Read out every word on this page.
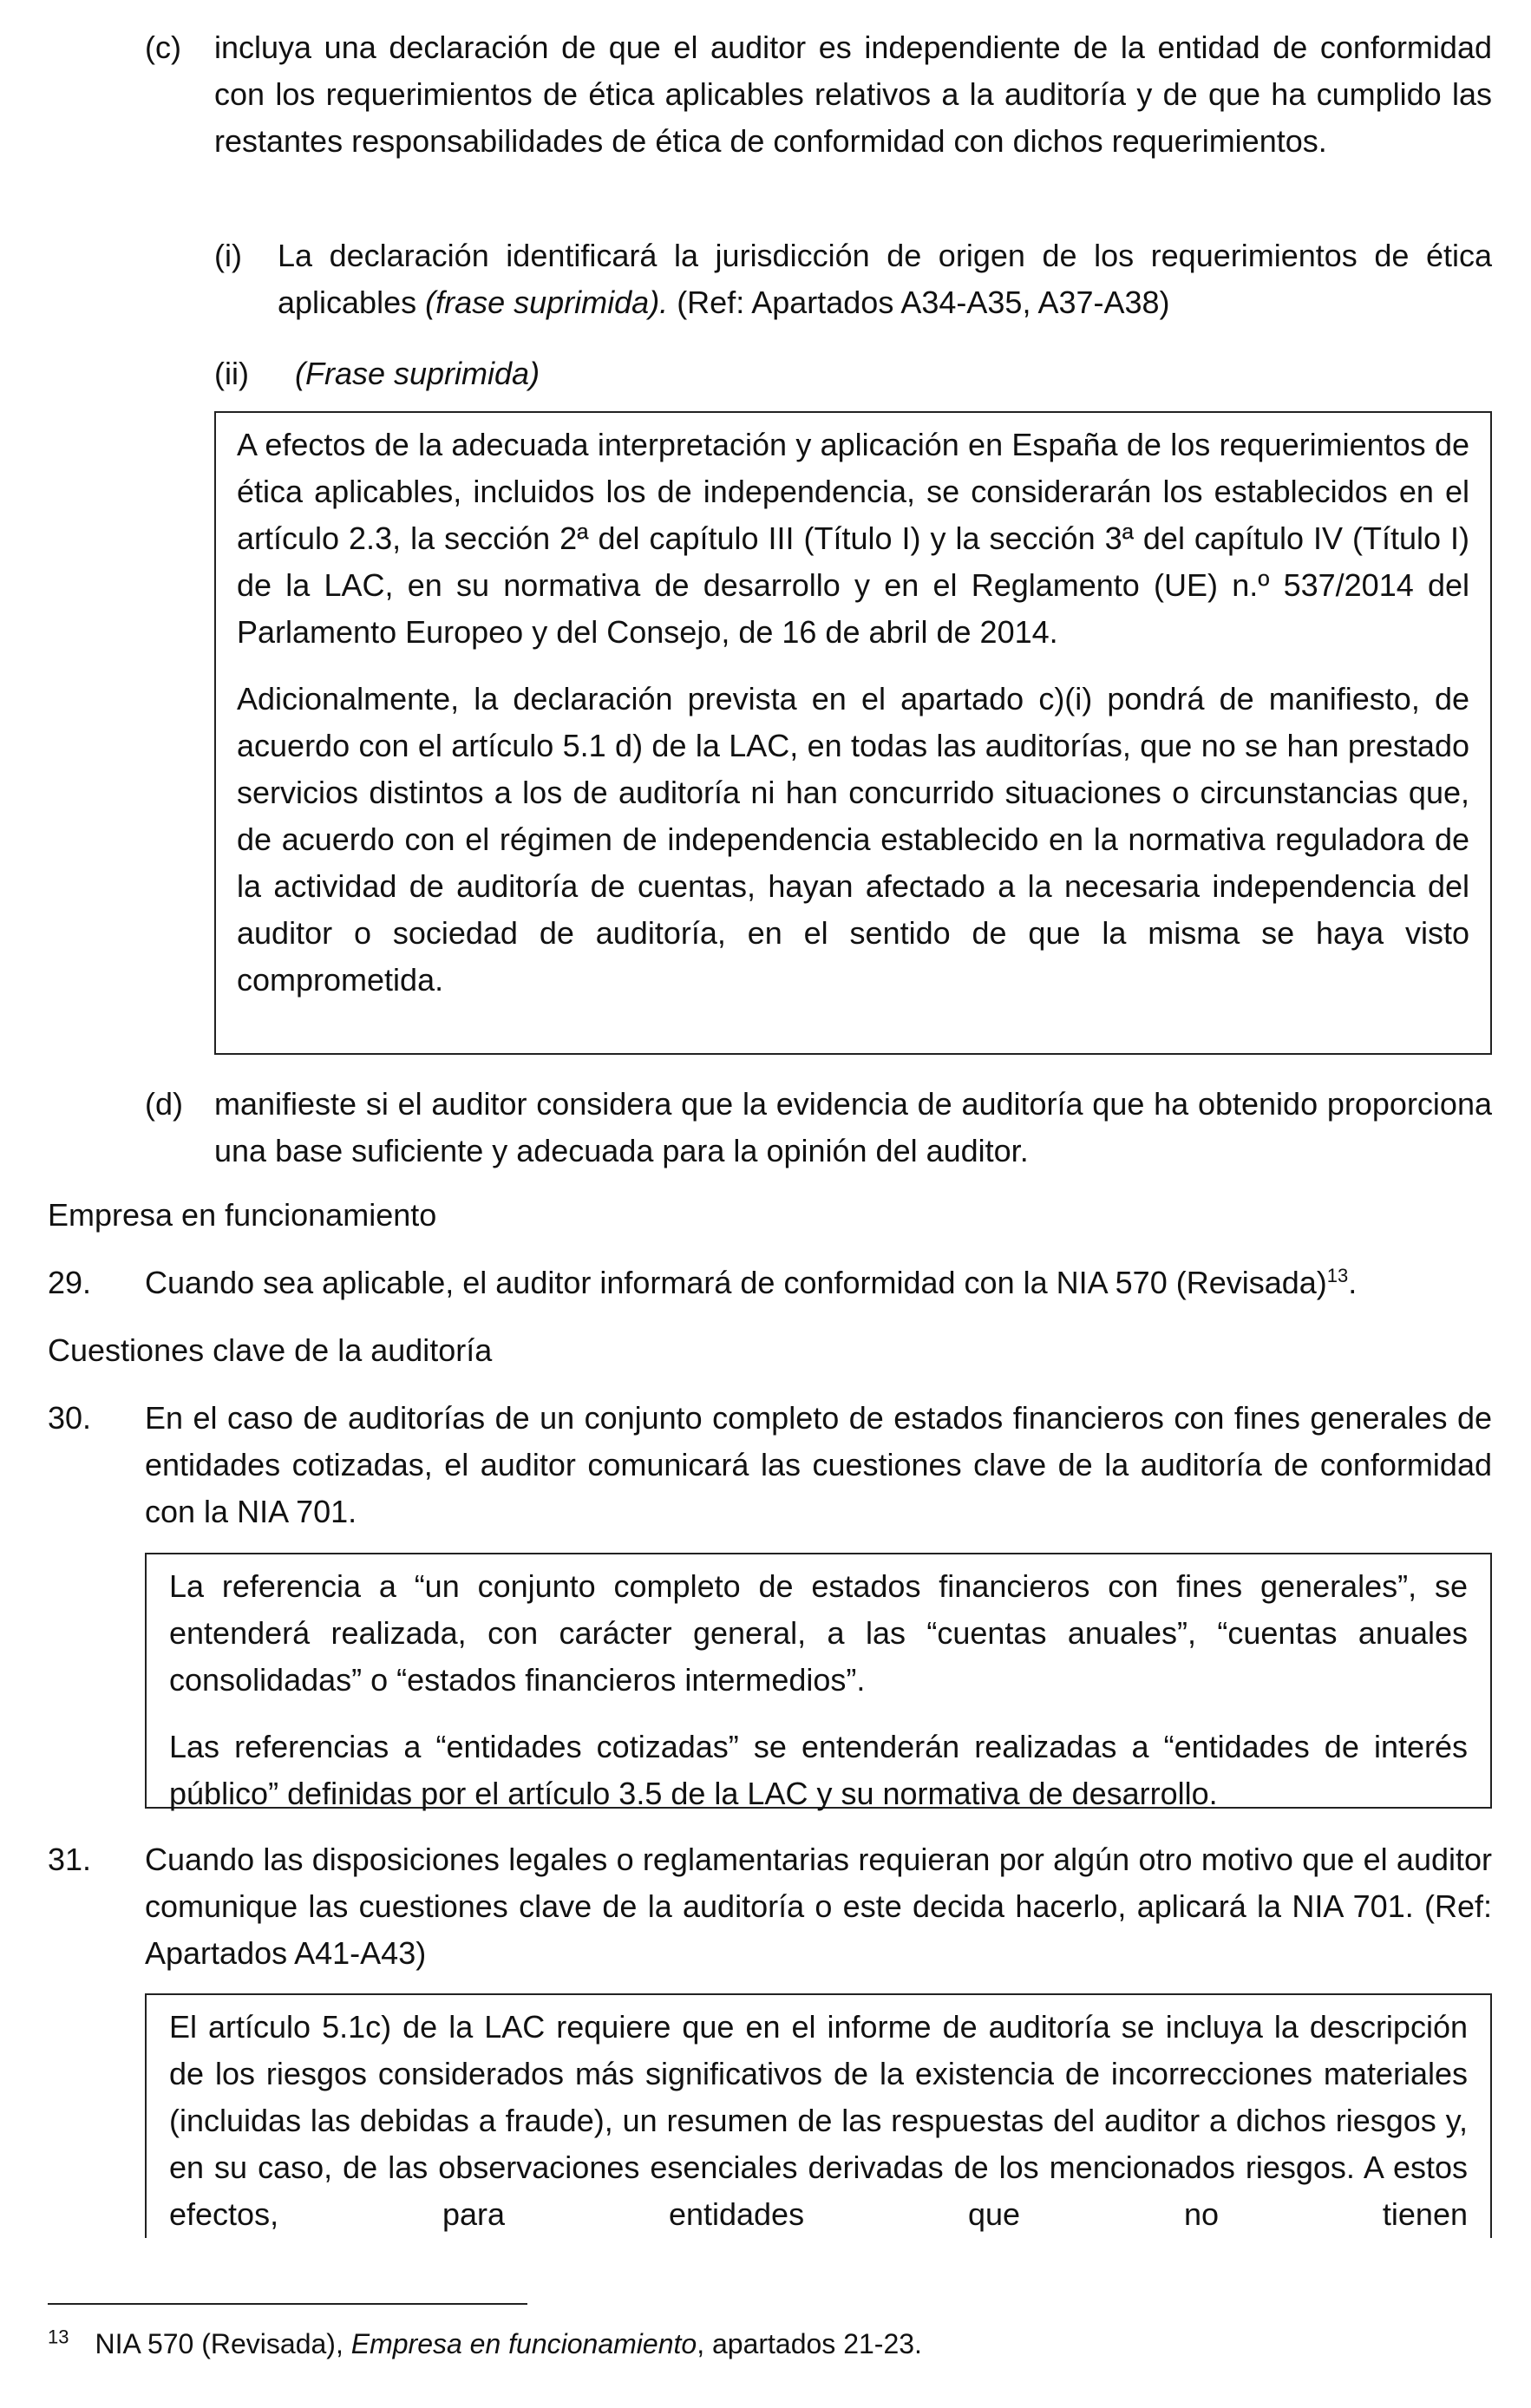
(c)	incluya una declaración de que el auditor es independiente de la entidad de conformidad con los requerimientos de ética aplicables relativos a la auditoría y de que ha cumplido las restantes responsabilidades de ética de conformidad con dichos requerimientos.

(i)	La declaración identificará la jurisdicción de origen de los requerimientos de ética aplicables (frase suprimida). (Ref: Apartados A34-A35, A37-A38)

(ii)	(Frase suprimida)

A efectos de la adecuada interpretación y aplicación en España de los requerimientos de ética aplicables, incluidos los de independencia, se considerarán los establecidos en el artículo 2.3, la sección 2ª del capítulo III (Título I) y la sección 3ª del capítulo IV (Título I) de la LAC, en su normativa de desarrollo y en el Reglamento (UE) n.º 537/2014 del Parlamento Europeo y del Consejo, de 16 de abril de 2014.

Adicionalmente, la declaración prevista en el apartado c)(i) pondrá de manifiesto, de acuerdo con el artículo 5.1 d) de la LAC, en todas las auditorías, que no se han prestado servicios distintos a los de auditoría ni han concurrido situaciones o circunstancias que, de acuerdo con el régimen de independencia establecido en la normativa reguladora de la actividad de auditoría de cuentas, hayan afectado a la necesaria independencia del auditor o sociedad de auditoría, en el sentido de que la misma se haya visto comprometida.

(d)	manifieste si el auditor considera que la evidencia de auditoría que ha obtenido proporciona una base suficiente y adecuada para la opinión del auditor.

Empresa en funcionamiento

29.	Cuando sea aplicable, el auditor informará de conformidad con la NIA 570 (Revisada)$^{13}$.

Cuestiones clave de la auditoría

30.	En el caso de auditorías de un conjunto completo de estados financieros con fines generales de entidades cotizadas, el auditor comunicará las cuestiones clave de la auditoría de conformidad con la NIA 701.

La referencia a “un conjunto completo de estados financieros con fines generales”, se entenderá realizada, con carácter general, a las “cuentas anuales”, “cuentas anuales consolidadas” o “estados financieros intermedios”.

Las referencias a “entidades cotizadas” se entenderán realizadas a “entidades de interés público” definidas por el artículo 3.5 de la LAC y su normativa de desarrollo.

31.	Cuando las disposiciones legales o reglamentarias requieran por algún otro motivo que el auditor comunique las cuestiones clave de la auditoría o este decida hacerlo, aplicará la NIA 701. (Ref: Apartados A41-A43)

El artículo 5.1c) de la LAC requiere que en el informe de auditoría se incluya la descripción de los riesgos considerados más significativos de la existencia de incorrecciones materiales (incluidas las debidas a fraude), un resumen de las respuestas del auditor a dichos riesgos y, en su caso, de las observaciones esenciales derivadas de los mencionados riesgos. A estos efectos, para entidades que no tienen

$^{13}$ NIA 570 (Revisada), Empresa en funcionamiento, apartados 21-23.
